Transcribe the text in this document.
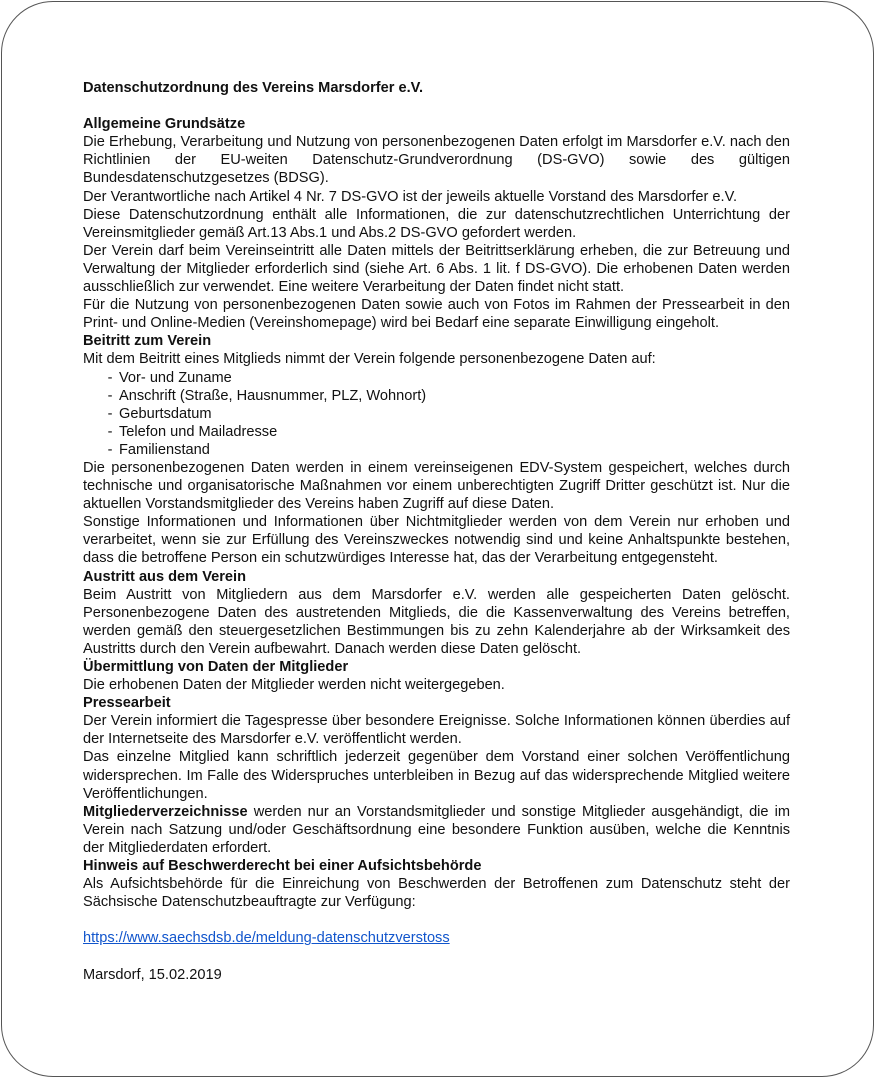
Datenschutzordnung des Vereins Marsdorfer e.V.

Allgemeine Grundsätze

Die Erhebung, Verarbeitung und Nutzung von personenbezogenen Daten erfolgt im Marsdorfer e.V. nach den Richtlinien der EU-weiten Datenschutz-Grundverordnung (DS-GVO) sowie des gültigen Bundesdatenschutzgesetzes (BDSG).

Der Verantwortliche nach Artikel 4 Nr. 7 DS-GVO ist der jeweils aktuelle Vorstand des Marsdorfer e.V.

Diese Datenschutzordnung enthält alle Informationen, die zur datenschutzrechtlichen Unterrichtung der Vereinsmitglieder gemäß Art.13 Abs.1 und Abs.2 DS-GVO gefordert werden.

Der Verein darf beim Vereinseintritt alle Daten mittels der Beitrittserklärung erheben, die zur Betreuung und Verwaltung der Mitglieder erforderlich sind (siehe Art. 6 Abs. 1 lit. f DS-GVO). Die erhobenen Daten werden ausschließlich zur verwendet. Eine weitere Verarbeitung der Daten findet nicht statt.

Für die Nutzung von personenbezogenen Daten sowie auch von Fotos im Rahmen der Pressearbeit in den Print- und Online-Medien (Vereinshomepage) wird bei Bedarf eine separate Einwilligung eingeholt.

Beitritt zum Verein

Mit dem Beitritt eines Mitglieds nimmt der Verein folgende personenbezogene Daten auf:

- Vor- und Zuname
- Anschrift (Straße, Hausnummer, PLZ, Wohnort)
- Geburtsdatum
- Telefon und Mailadresse
- Familienstand

Die personenbezogenen Daten werden in einem vereinseigenen EDV-System gespeichert, welches durch technische und organisatorische Maßnahmen vor einem unberechtigten Zugriff Dritter geschützt ist. Nur die aktuellen Vorstandsmitglieder des Vereins haben Zugriff auf diese Daten.

Sonstige Informationen und Informationen über Nichtmitglieder werden von dem Verein nur erhoben und verarbeitet, wenn sie zur Erfüllung des Vereinszweckes notwendig sind und keine Anhaltspunkte bestehen, dass die betroffene Person ein schutzwürdiges Interesse hat, das der Verarbeitung entgegensteht.

Austritt aus dem Verein

Beim Austritt von Mitgliedern aus dem Marsdorfer e.V. werden alle gespeicherten Daten gelöscht. Personenbezogene Daten des austretenden Mitglieds, die die Kassenverwaltung des Vereins betreffen, werden gemäß den steuergesetzlichen Bestimmungen bis zu zehn Kalenderjahre ab der Wirksamkeit des Austritts durch den Verein aufbewahrt. Danach werden diese Daten gelöscht.

Übermittlung von Daten der Mitglieder

Die erhobenen Daten der Mitglieder werden nicht weitergegeben.

Pressearbeit

Der Verein informiert die Tagespresse über besondere Ereignisse. Solche Informationen können überdies auf der Internetseite des Marsdorfer e.V. veröffentlicht werden.

Das einzelne Mitglied kann schriftlich jederzeit gegenüber dem Vorstand einer solchen Veröffentlichung widersprechen. Im Falle des Widerspruches unterbleiben in Bezug auf das widersprechende Mitglied weitere Veröffentlichungen.

Mitgliederverzeichnisse werden nur an Vorstandsmitglieder und sonstige Mitglieder ausgehändigt, die im Verein nach Satzung und/oder Geschäftsordnung eine besondere Funktion ausüben, welche die Kenntnis der Mitgliederdaten erfordert.

Hinweis auf Beschwerderecht bei einer Aufsichtsbehörde

Als Aufsichtsbehörde für die Einreichung von Beschwerden der Betroffenen zum Datenschutz steht der Sächsische Datenschutzbeauftragte zur Verfügung:

https://www.saechsdsb.de/meldung-datenschutzverstoss

Marsdorf, 15.02.2019
